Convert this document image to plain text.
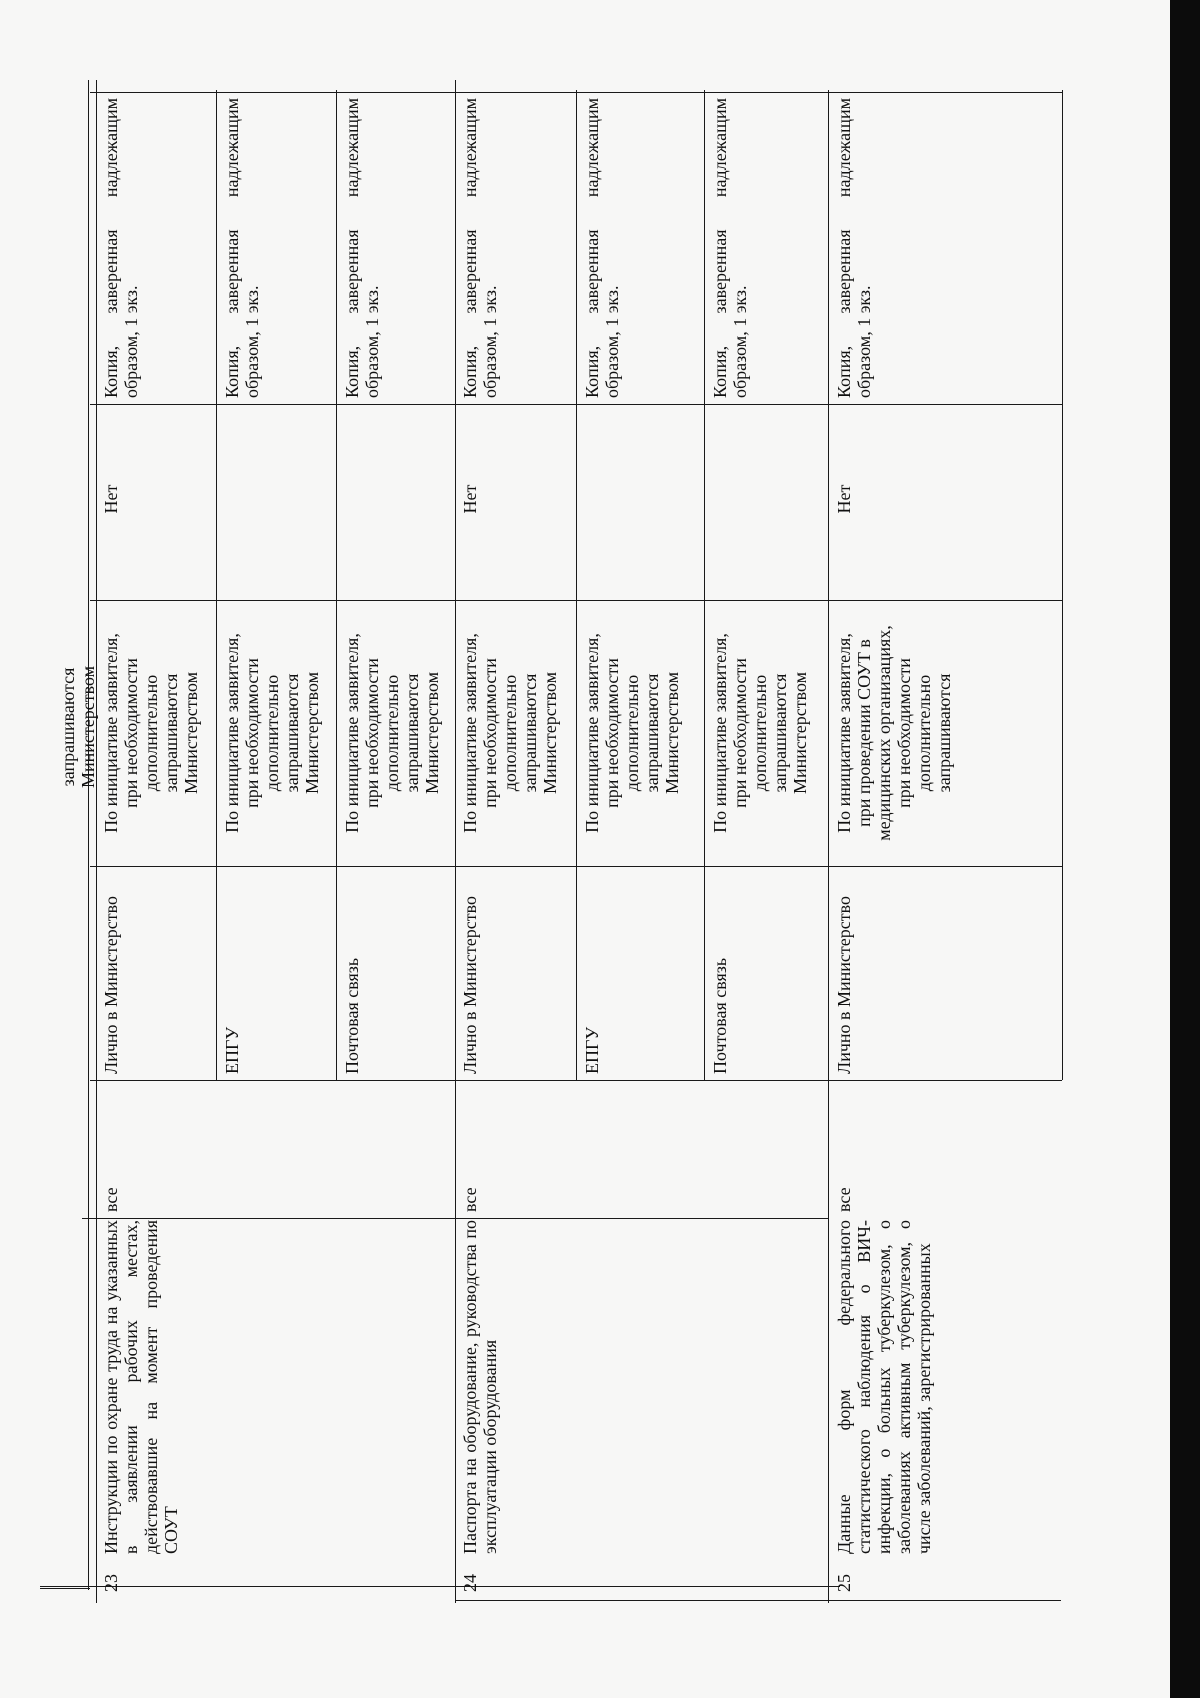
запрашиваются
Министерством
23
Инструкции по охране труда на указанных в заявлении рабочих местах, действовавшие на момент проведения СОУТ
все
Лично в Министерство
По инициативе заявителя,
при необходимости
дополнительно
запрашиваются
Министерством
Нет
Копия, заверенная надлежащим образом, 1 экз.
ЕПГУ
По инициативе заявителя,
при необходимости
дополнительно
запрашиваются
Министерством
Копия, заверенная надлежащим образом, 1 экз.
Почтовая связь
По инициативе заявителя,
при необходимости
дополнительно
запрашиваются
Министерством
Копия, заверенная надлежащим образом, 1 экз.
24
Паспорта на оборудование, руководства по эксплуатации оборудования
все
Лично в Министерство
По инициативе заявителя,
при необходимости
дополнительно
запрашиваются
Министерством
Нет
Копия, заверенная надлежащим образом, 1 экз.
ЕПГУ
По инициативе заявителя,
при необходимости
дополнительно
запрашиваются
Министерством
Копия, заверенная надлежащим образом, 1 экз.
Почтовая связь
По инициативе заявителя,
при необходимости
дополнительно
запрашиваются
Министерством
Копия, заверенная надлежащим образом, 1 экз.
25
Данные форм федерального статистического наблюдения о ВИЧ-инфекции, о больных туберкулезом, о заболеваниях активным туберкулезом, о числе заболеваний, зарегистрированных
все
Лично в Министерство
По инициативе заявителя,
при проведении СОУТ в
медицинских организациях,
при необходимости
дополнительно
запрашиваются
Нет
Копия, заверенная надлежащим образом, 1 экз.
